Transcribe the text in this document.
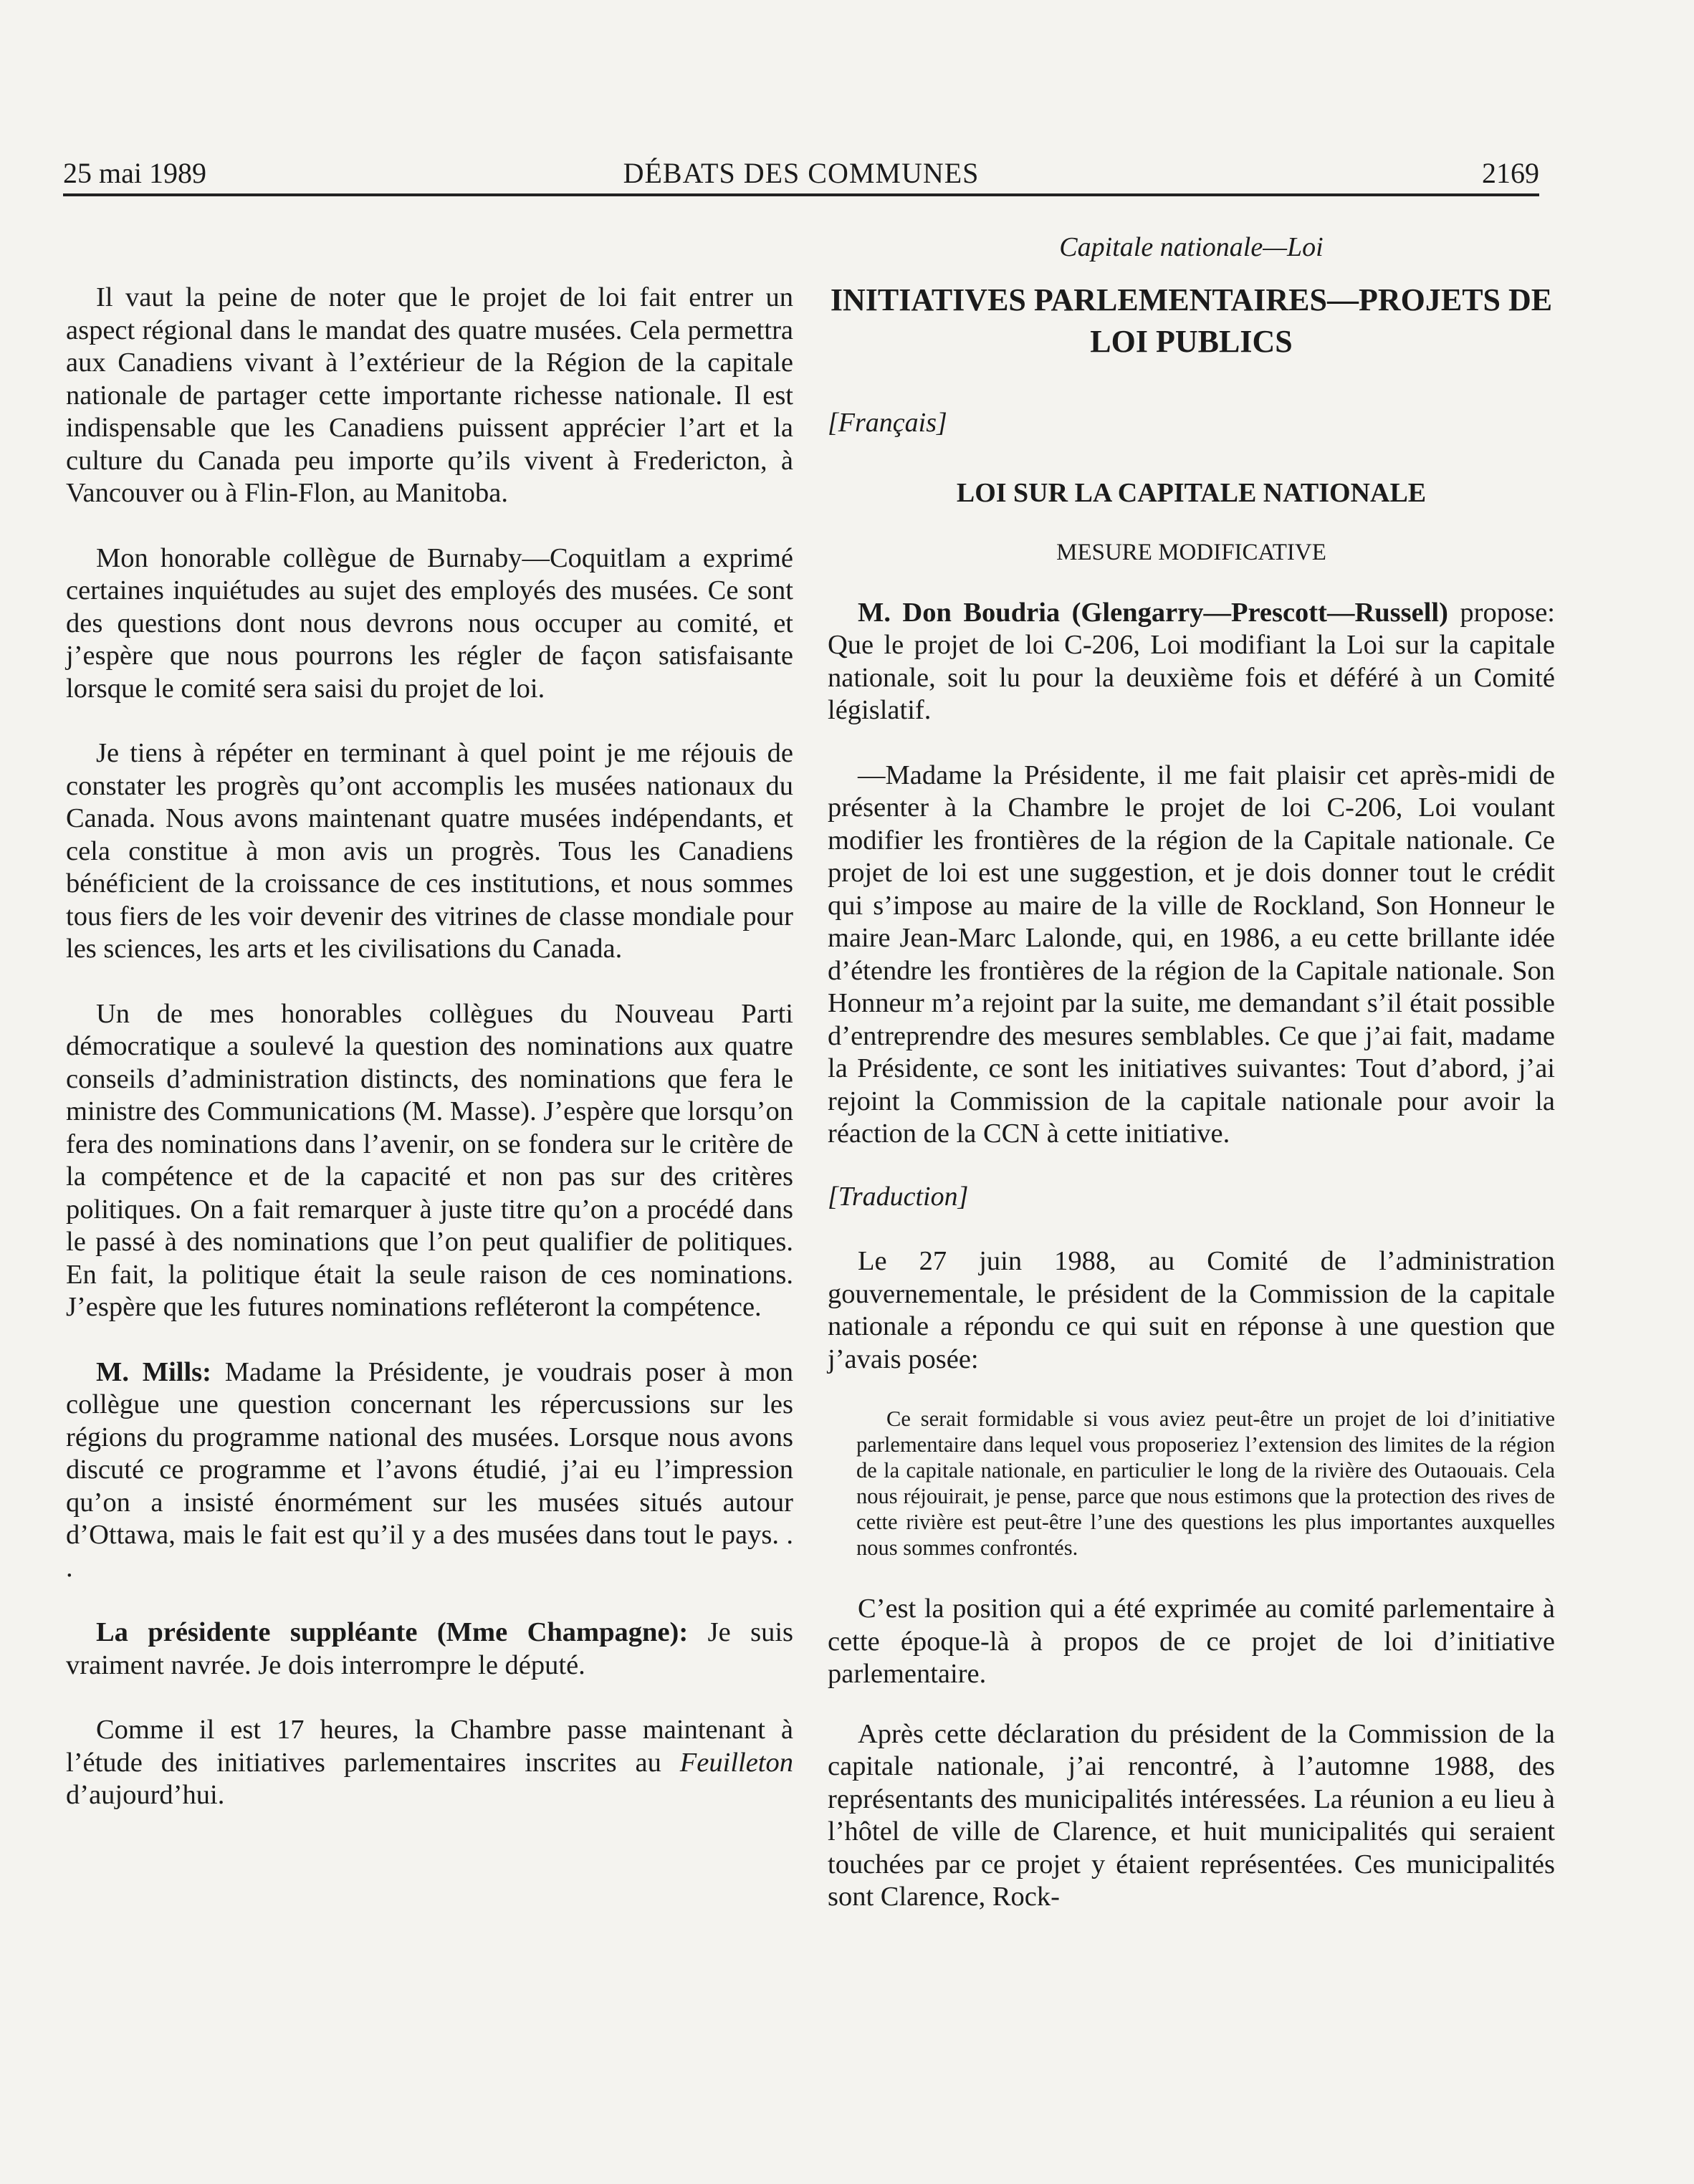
25 mai 1989	DÉBATS DES COMMUNES	2169

Il vaut la peine de noter que le projet de loi fait entrer un aspect régional dans le mandat des quatre musées. Cela permettra aux Canadiens vivant à l’extérieur de la Région de la capitale nationale de partager cette importante richesse nationale. Il est indispensable que les Canadiens puissent apprécier l’art et la culture du Canada peu importe qu’ils vivent à Fredericton, à Vancouver ou à Flin-Flon, au Manitoba.

Mon honorable collègue de Burnaby—Coquitlam a exprimé certaines inquiétudes au sujet des employés des musées. Ce sont des questions dont nous devrons nous occuper au comité, et j’espère que nous pourrons les régler de façon satisfaisante lorsque le comité sera saisi du projet de loi.

Je tiens à répéter en terminant à quel point je me réjouis de constater les progrès qu’ont accomplis les musées nationaux du Canada. Nous avons maintenant quatre musées indépendants, et cela constitue à mon avis un progrès. Tous les Canadiens bénéficient de la croissance de ces institutions, et nous sommes tous fiers de les voir devenir des vitrines de classe mondiale pour les sciences, les arts et les civilisations du Canada.

Un de mes honorables collègues du Nouveau Parti démocratique a soulevé la question des nominations aux quatre conseils d’administration distincts, des nominations que fera le ministre des Communications (M. Masse). J’espère que lorsqu’on fera des nominations dans l’avenir, on se fondera sur le critère de la compétence et de la capacité et non pas sur des critères politiques. On a fait remarquer à juste titre qu’on a procédé dans le passé à des nominations que l’on peut qualifier de politiques. En fait, la politique était la seule raison de ces nominations. J’espère que les futures nominations refléteront la compétence.

M. Mills: Madame la Présidente, je voudrais poser à mon collègue une question concernant les répercussions sur les régions du programme national des musées. Lorsque nous avons discuté ce programme et l’avons étudié, j’ai eu l’impression qu’on a insisté énormément sur les musées situés autour d’Ottawa, mais le fait est qu’il y a des musées dans tout le pays. . .

La présidente suppléante (Mme Champagne): Je suis vraiment navrée. Je dois interrompre le député.

Comme il est 17 heures, la Chambre passe maintenant à l’étude des initiatives parlementaires inscrites au Feuilleton d’aujourd’hui.

Capitale nationale—Loi
INITIATIVES PARLEMENTAIRES—PROJETS DE LOI PUBLICS
[Français]
LOI SUR LA CAPITALE NATIONALE
MESURE MODIFICATIVE

M. Don Boudria (Glengarry—Prescott—Russell) propose: Que le projet de loi C-206, Loi modifiant la Loi sur la capitale nationale, soit lu pour la deuxième fois et déféré à un Comité législatif.

—Madame la Présidente, il me fait plaisir cet après-midi de présenter à la Chambre le projet de loi C-206, Loi voulant modifier les frontières de la région de la Capitale nationale. Ce projet de loi est une suggestion, et je dois donner tout le crédit qui s’impose au maire de la ville de Rockland, Son Honneur le maire Jean-Marc Lalonde, qui, en 1986, a eu cette brillante idée d’étendre les frontières de la région de la Capitale nationale. Son Honneur m’a rejoint par la suite, me demandant s’il était possible d’entreprendre des mesures semblables. Ce que j’ai fait, madame la Présidente, ce sont les initiatives suivantes: Tout d’abord, j’ai rejoint la Commission de la capitale nationale pour avoir la réaction de la CCN à cette initiative.

[Traduction]

Le 27 juin 1988, au Comité de l’administration gouvernementale, le président de la Commission de la capitale nationale a répondu ce qui suit en réponse à une question que j’avais posée:

Ce serait formidable si vous aviez peut-être un projet de loi d’initiative parlementaire dans lequel vous proposeriez l’extension des limites de la région de la capitale nationale, en particulier le long de la rivière des Outaouais. Cela nous réjouirait, je pense, parce que nous estimons que la protection des rives de cette rivière est peut-être l’une des questions les plus importantes auxquelles nous sommes confrontés.

C’est la position qui a été exprimée au comité parlementaire à cette époque-là à propos de ce projet de loi d’initiative parlementaire.

Après cette déclaration du président de la Commission de la capitale nationale, j’ai rencontré, à l’automne 1988, des représentants des municipalités intéressées. La réunion a eu lieu à l’hôtel de ville de Clarence, et huit municipalités qui seraient touchées par ce projet y étaient représentées. Ces municipalités sont Clarence, Rock-
